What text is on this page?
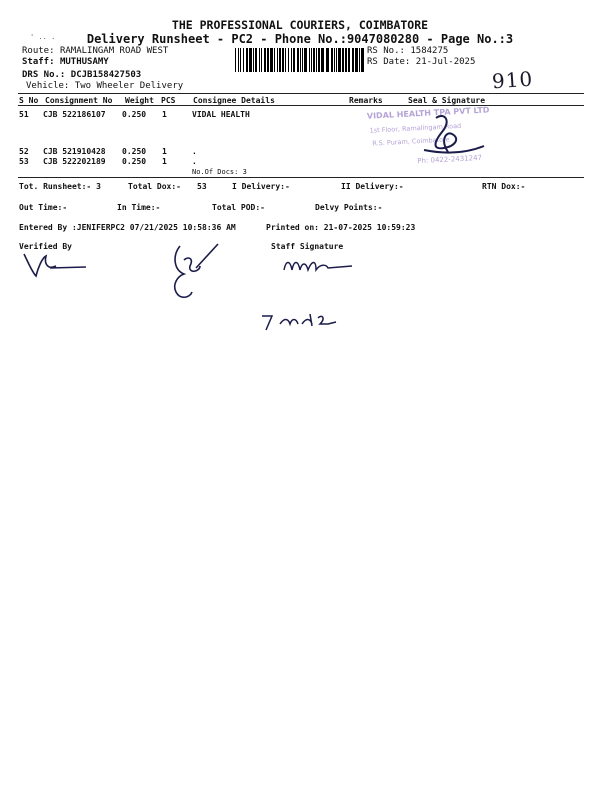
THE PROFESSIONAL COURIERS, COIMBATORE
Delivery Runsheet - PC2 - Phone No.:9047080280 - Page No.:3
' .. .
Route: RAMALINGAM ROAD WEST
Staff: MUTHUSAMY
DRS No.: DCJB158427503
Vehicle: Two Wheeler Delivery
RS No.: 1584275
RS Date: 21-Jul-2025
910
S No Consignment No Weight PCS Consignee Details	Remarks	Seal & Signature
51 CJB 522186107 0.250 1	VIDAL HEALTH
52 CJB 521910428 0.250 1	.
53 CJB 522202189 0.250 1	.
No.Of Docs: 3
VIDAL HEALTH TPA PVT LTD
1st Floor, Ramalingam Road
R.S. Puram, Coimbatore
Ph: 0422-2431247
Tot. Runsheet:- 3	Total Dox:- 53	I Delivery:-	II Delivery:-	RTN Dox:-
Out Time:-	In Time:-	Total POD:-	Delvy Points:-
Entered By :JENIFERPC2 07/21/2025 10:58:36 AM	Printed on: 21-07-2025 10:59:23
Verified By	Staff Signature
